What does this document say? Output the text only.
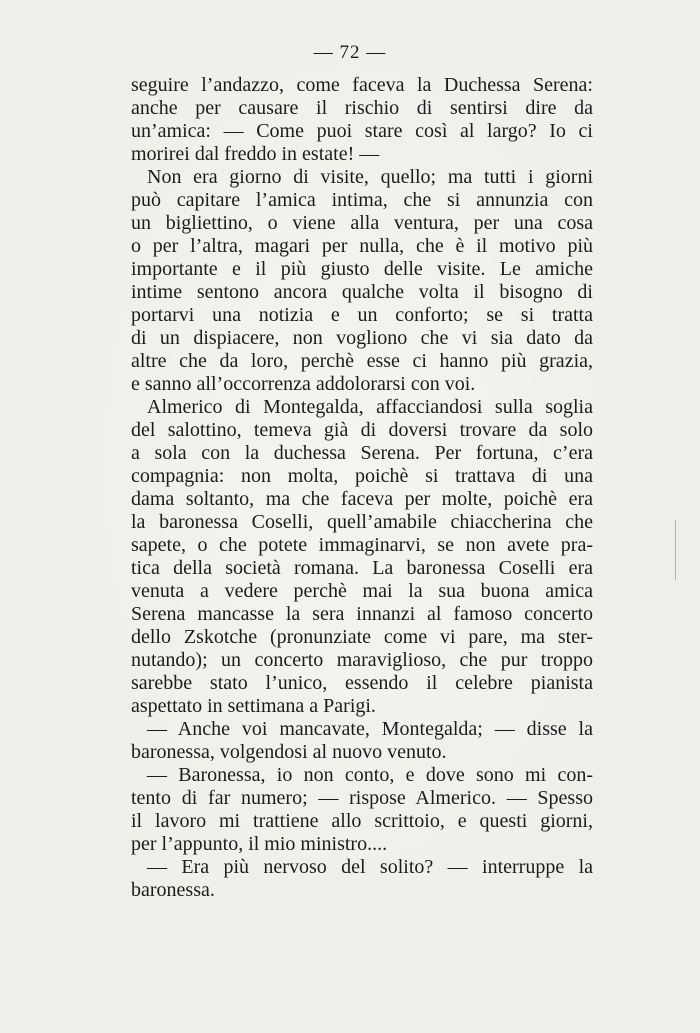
— 72 —
seguire l’andazzo, come faceva la Duchessa Serena:
anche per causare il rischio di sentirsi dire da
un’amica: — Come puoi stare così al largo? Io ci
morirei dal freddo in estate! —
Non era giorno di visite, quello; ma tutti i giorni
può capitare l’amica intima, che si annunzia con
un bigliettino, o viene alla ventura, per una cosa
o per l’altra, magari per nulla, che è il motivo più
importante e il più giusto delle visite. Le amiche
intime sentono ancora qualche volta il bisogno di
portarvi una notizia e un conforto; se si tratta
di un dispiacere, non vogliono che vi sia dato da
altre che da loro, perchè esse ci hanno più grazia,
e sanno all’occorrenza addolorarsi con voi.
Almerico di Montegalda, affacciandosi sulla soglia
del salottino, temeva già di doversi trovare da solo
a sola con la duchessa Serena. Per fortuna, c’era
compagnia: non molta, poichè si trattava di una
dama soltanto, ma che faceva per molte, poichè era
la baronessa Coselli, quell’amabile chiaccherina che
sapete, o che potete immaginarvi, se non avete pra-
tica della società romana. La baronessa Coselli era
venuta a vedere perchè mai la sua buona amica
Serena mancasse la sera innanzi al famoso concerto
dello Zskotche (pronunziate come vi pare, ma ster-
nutando); un concerto maraviglioso, che pur troppo
sarebbe stato l’unico, essendo il celebre pianista
aspettato in settimana a Parigi.
— Anche voi mancavate, Montegalda; — disse la
baronessa, volgendosi al nuovo venuto.
— Baronessa, io non conto, e dove sono mi con-
tento di far numero; — rispose Almerico. — Spesso
il lavoro mi trattiene allo scrittoio, e questi giorni,
per l’appunto, il mio ministro....
— Era più nervoso del solito? — interruppe la
baronessa.
